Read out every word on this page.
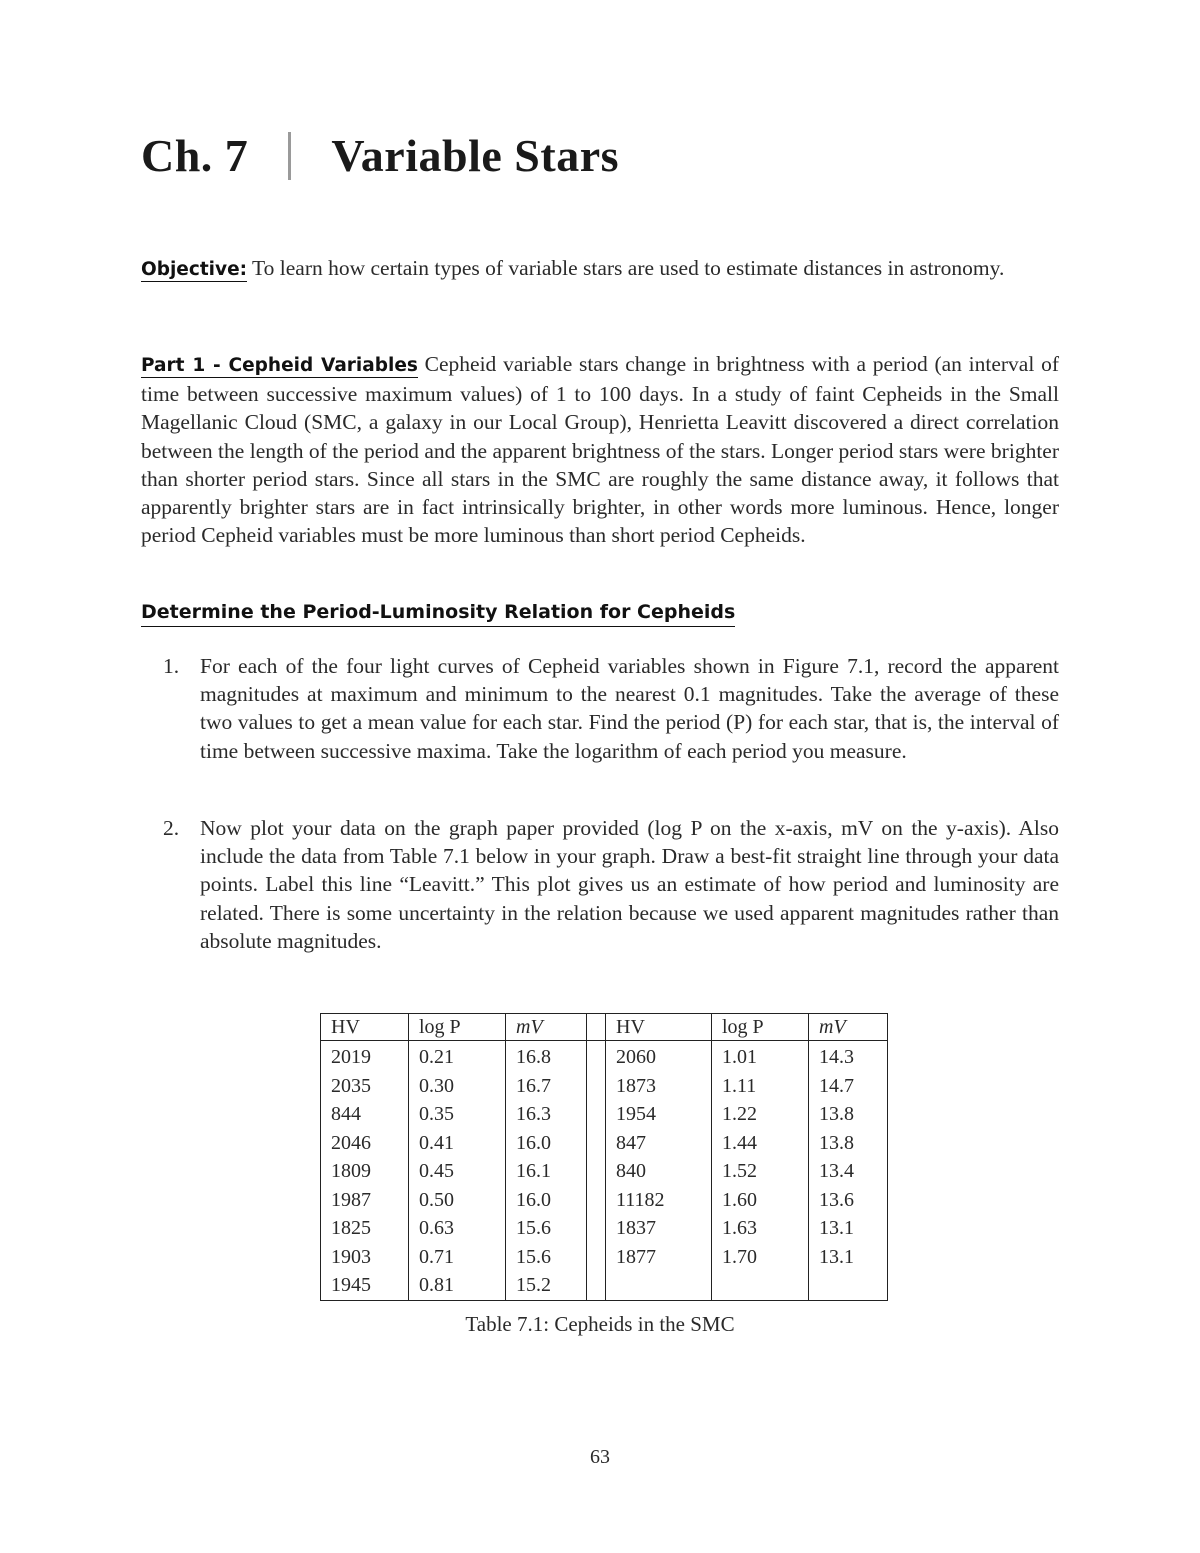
Ch. 7 Variable Stars

Objective: To learn how certain types of variable stars are used to estimate distances in astronomy.

Part 1 - Cepheid Variables Cepheid variable stars change in brightness with a period (an interval of time between successive maximum values) of 1 to 100 days. In a study of faint Cepheids in the Small Magellanic Cloud (SMC, a galaxy in our Local Group), Henrietta Leavitt discovered a direct correlation between the length of the period and the apparent brightness of the stars. Longer period stars were brighter than shorter period stars. Since all stars in the SMC are roughly the same distance away, it follows that apparently brighter stars are in fact intrinsically brighter, in other words more luminous. Hence, longer period Cepheid variables must be more luminous than short period Cepheids.

Determine the Period-Luminosity Relation for Cepheids
1. For each of the four light curves of Cepheid variables shown in Figure 7.1, record the apparent magnitudes at maximum and minimum to the nearest 0.1 magnitudes. Take the average of these two values to get a mean value for each star. Find the period (P) for each star, that is, the interval of time between successive maxima. Take the logarithm of each period you measure.
2. Now plot your data on the graph paper provided (log P on the x-axis, mV on the y-axis). Also include the data from Table 7.1 below in your graph. Draw a best-fit straight line through your data points. Label this line “Leavitt.” This plot gives us an estimate of how period and luminosity are related. There is some uncertainty in the relation because we used apparent magnitudes rather than absolute magnitudes.
HV	log P	mV		HV	log P	mV
2019	0.21	16.8		2060	1.01	14.3
2035	0.30	16.7		1873	1.11	14.7
844	0.35	16.3		1954	1.22	13.8
2046	0.41	16.0		847	1.44	13.8
1809	0.45	16.1		840	1.52	13.4
1987	0.50	16.0		11182	1.60	13.6
1825	0.63	15.6		1837	1.63	13.1
1903	0.71	15.6		1877	1.70	13.1
1945	0.81	15.2				

Table 7.1: Cepheids in the SMC

63
